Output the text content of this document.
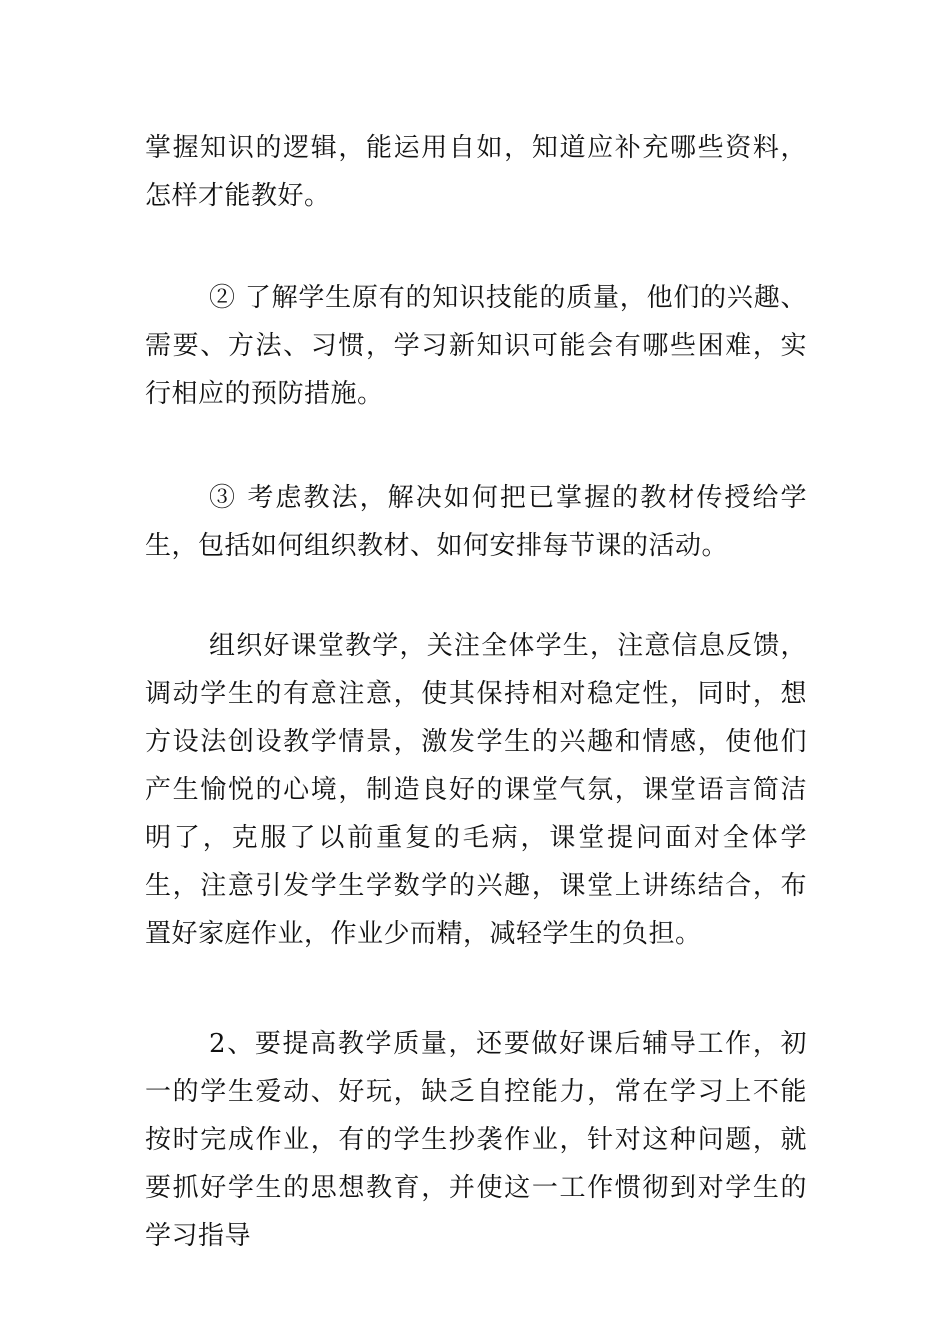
掌握知识的逻辑，能运用自如，知道应补充哪些资料，怎样才能教好。

② 了解学生原有的知识技能的质量，他们的兴趣、需要、方法、习惯，学习新知识可能会有哪些困难，实行相应的预防措施。

③ 考虑教法，解决如何把已掌握的教材传授给学生，包括如何组织教材、如何安排每节课的活动。

组织好课堂教学，关注全体学生，注意信息反馈，调动学生的有意注意，使其保持相对稳定性，同时，想方设法创设教学情景，激发学生的兴趣和情感，使他们产生愉悦的心境，制造良好的课堂气氛，课堂语言简洁明了，克服了以前重复的毛病，课堂提问面对全体学生，注意引发学生学数学的兴趣，课堂上讲练结合，布置好家庭作业，作业少而精，减轻学生的负担。

2、要提高教学质量，还要做好课后辅导工作，初一的学生爱动、好玩，缺乏自控能力，常在学习上不能按时完成作业，有的学生抄袭作业，针对这种问题，就要抓好学生的思想教育，并使这一工作惯彻到对学生的学习指导
